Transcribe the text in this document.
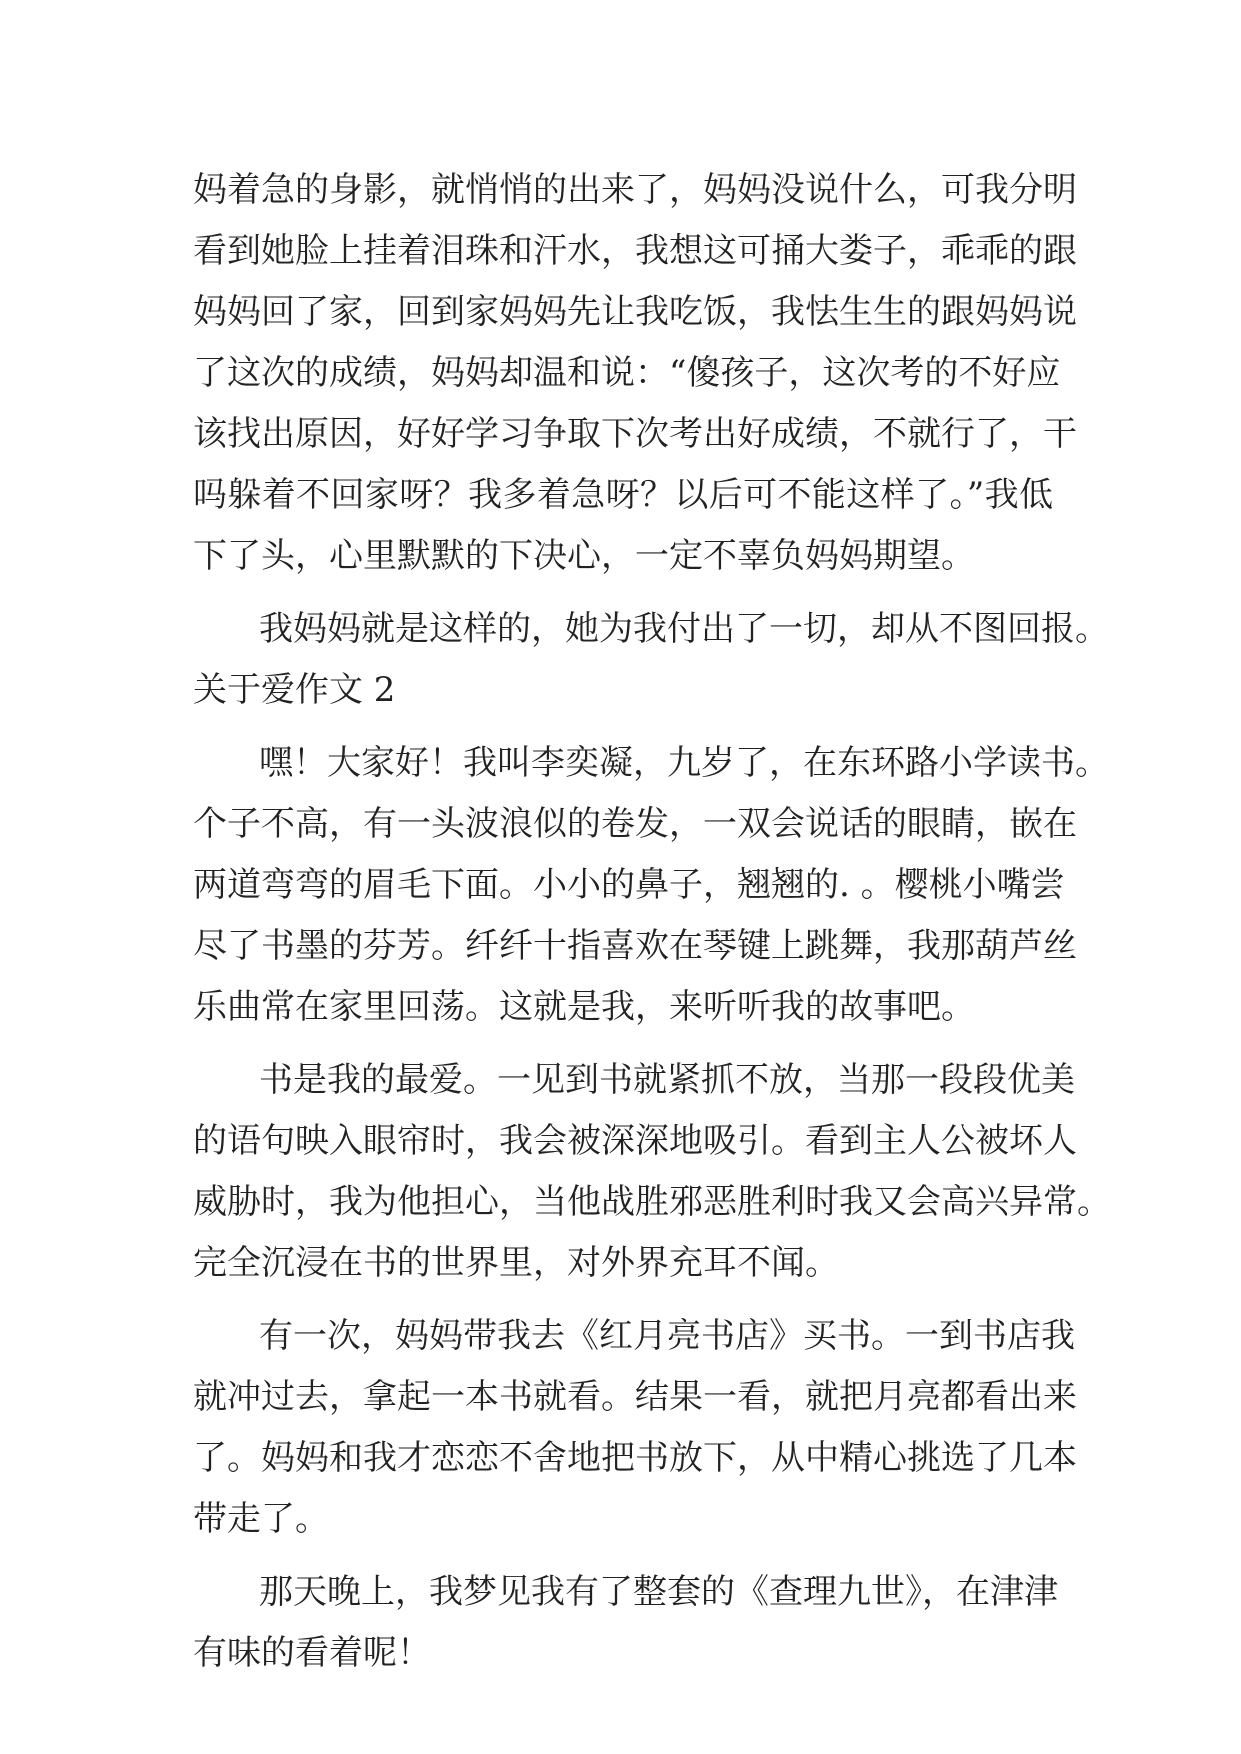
妈着急的身影，就悄悄的出来了，妈妈没说什么，可我分明
看到她脸上挂着泪珠和汗水，我想这可捅大娄子，乖乖的跟
妈妈回了家，回到家妈妈先让我吃饭，我怯生生的跟妈妈说
了这次的成绩，妈妈却温和说：“傻孩子，这次考的不好应
该找出原因，好好学习争取下次考出好成绩，不就行了，干
吗躲着不回家呀？我多着急呀？以后可不能这样了。”我低
下了头，心里默默的下决心，一定不辜负妈妈期望。
我妈妈就是这样的，她为我付出了一切，却从不图回报。
关于爱作文 2
嘿！大家好！我叫李奕凝，九岁了，在东环路小学读书。
个子不高，有一头波浪似的卷发，一双会说话的眼睛，嵌在
两道弯弯的眉毛下面。小小的鼻子，翘翘的. 。樱桃小嘴尝
尽了书墨的芬芳。纤纤十指喜欢在琴键上跳舞，我那葫芦丝
乐曲常在家里回荡。这就是我，来听听我的故事吧。
书是我的最爱。一见到书就紧抓不放，当那一段段优美
的语句映入眼帘时，我会被深深地吸引。看到主人公被坏人
威胁时，我为他担心，当他战胜邪恶胜利时我又会高兴异常。
完全沉浸在书的世界里，对外界充耳不闻。
有一次，妈妈带我去《红月亮书店》买书。一到书店我
就冲过去，拿起一本书就看。结果一看，就把月亮都看出来
了。妈妈和我才恋恋不舍地把书放下，从中精心挑选了几本
带走了。
那天晚上，我梦见我有了整套的《查理九世》，在津津
有味的看着呢！
